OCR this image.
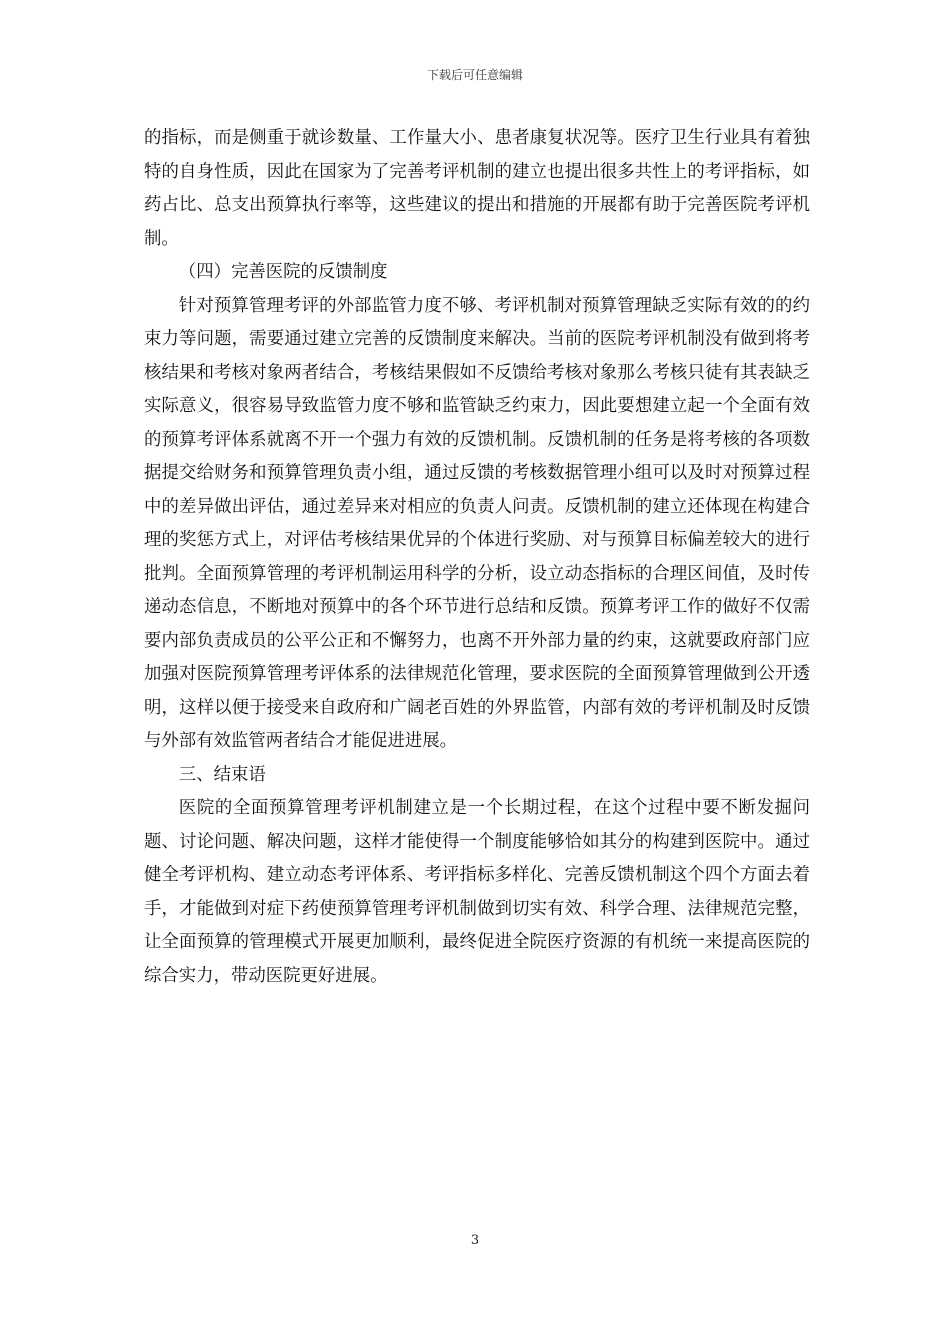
下载后可任意编辑

的指标，而是侧重于就诊数量、工作量大小、患者康复状况等。医疗卫生行业具有着独特的自身性质，因此在国家为了完善考评机制的建立也提出很多共性上的考评指标，如药占比、总支出预算执行率等，这些建议的提出和措施的开展都有助于完善医院考评机制。

（四）完善医院的反馈制度

针对预算管理考评的外部监管力度不够、考评机制对预算管理缺乏实际有效的的约束力等问题，需要通过建立完善的反馈制度来解决。当前的医院考评机制没有做到将考核结果和考核对象两者结合，考核结果假如不反馈给考核对象那么考核只徒有其表缺乏实际意义，很容易导致监管力度不够和监管缺乏约束力，因此要想建立起一个全面有效的预算考评体系就离不开一个强力有效的反馈机制。反馈机制的任务是将考核的各项数据提交给财务和预算管理负责小组，通过反馈的考核数据管理小组可以及时对预算过程中的差异做出评估，通过差异来对相应的负责人问责。反馈机制的建立还体现在构建合理的奖惩方式上，对评估考核结果优异的个体进行奖励、对与预算目标偏差较大的进行批判。全面预算管理的考评机制运用科学的分析，设立动态指标的合理区间值，及时传递动态信息，不断地对预算中的各个环节进行总结和反馈。预算考评工作的做好不仅需要内部负责成员的公平公正和不懈努力，也离不开外部力量的约束，这就要政府部门应加强对医院预算管理考评体系的法律规范化管理，要求医院的全面预算管理做到公开透明，这样以便于接受来自政府和广阔老百姓的外界监管，内部有效的考评机制及时反馈与外部有效监管两者结合才能促进进展。

三、结束语

医院的全面预算管理考评机制建立是一个长期过程，在这个过程中要不断发掘问题、讨论问题、解决问题，这样才能使得一个制度能够恰如其分的构建到医院中。通过健全考评机构、建立动态考评体系、考评指标多样化、完善反馈机制这个四个方面去着手，才能做到对症下药使预算管理考评机制做到切实有效、科学合理、法律规范完整，让全面预算的管理模式开展更加顺利，最终促进全院医疗资源的有机统一来提高医院的综合实力，带动医院更好进展。

3
